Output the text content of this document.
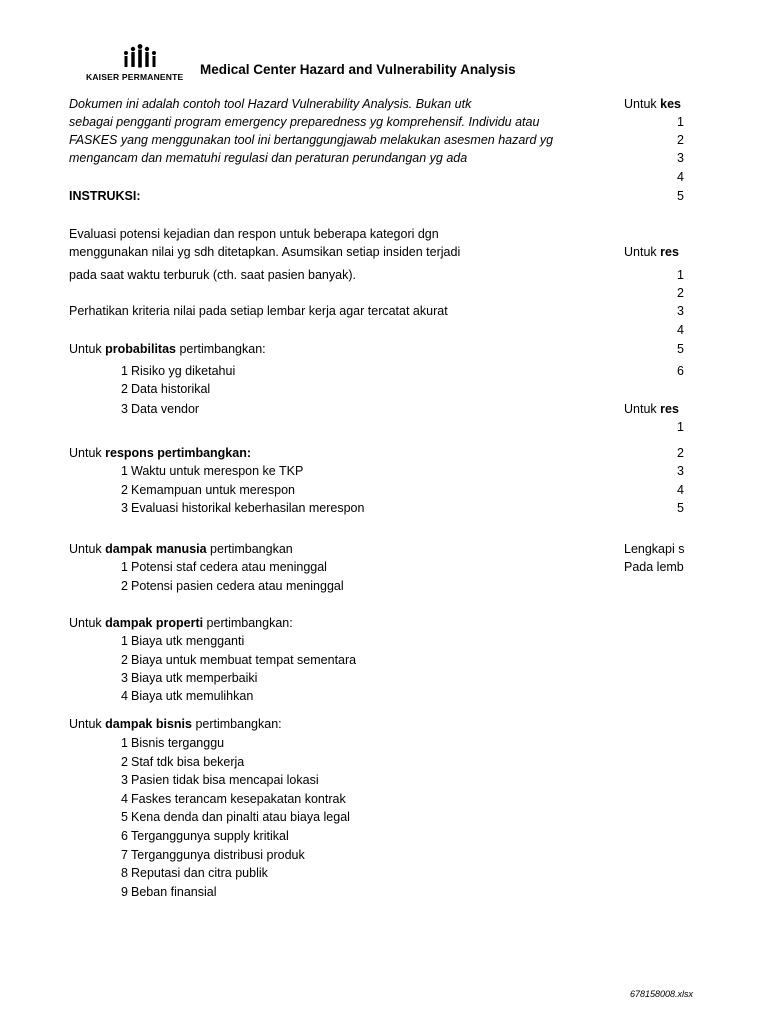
KAISER PERMANENTE Medical Center Hazard and Vulnerability Analysis
Dokumen ini adalah contoh tool Hazard Vulnerability Analysis. Bukan utk
sebagai pengganti program emergency preparedness yg komprehensif. Individu atau
FASKES yang menggunakan tool ini bertanggungjawab melakukan asesmen hazard yg
mengancam dan mematuhi regulasi dan peraturan perundangan yg ada
INSTRUKSI:
Evaluasi potensi kejadian dan respon untuk beberapa kategori dgn
menggunakan nilai yg sdh ditetapkan. Asumsikan setiap insiden terjadi
pada saat waktu terburuk (cth. saat pasien banyak).
Perhatikan kriteria nilai pada setiap lembar kerja agar tercatat akurat
Untuk probabilitas pertimbangkan:
1 Risiko yg diketahui
2 Data historikal
3 Data vendor
Untuk respons pertimbangkan:
1 Waktu untuk merespon ke TKP
2 Kemampuan untuk merespon
3 Evaluasi historikal keberhasilan merespon
Untuk dampak manusia pertimbangkan
1 Potensi staf cedera atau meninggal
2 Potensi pasien cedera atau meninggal
Untuk dampak properti pertimbangkan:
1 Biaya utk mengganti
2 Biaya untuk membuat tempat sementara
3 Biaya utk memperbaiki
4 Biaya utk memulihkan
Untuk dampak bisnis pertimbangkan:
1 Bisnis terganggu
2 Staf tdk bisa bekerja
3 Pasien tidak bisa mencapai lokasi
4 Faskes terancam kesepakatan kontrak
5 Kena denda dan pinalti atau biaya legal
6 Terganggunya supply kritikal
7 Terganggunya distribusi produk
8 Reputasi dan citra publik
9 Beban finansial
Untuk kes
1
2
3
4
5
Untuk res
1
2
3
4
5
6
Untuk res
1
2
3
4
5
Lengkapi s
Pada lemb
678158008.xlsx
